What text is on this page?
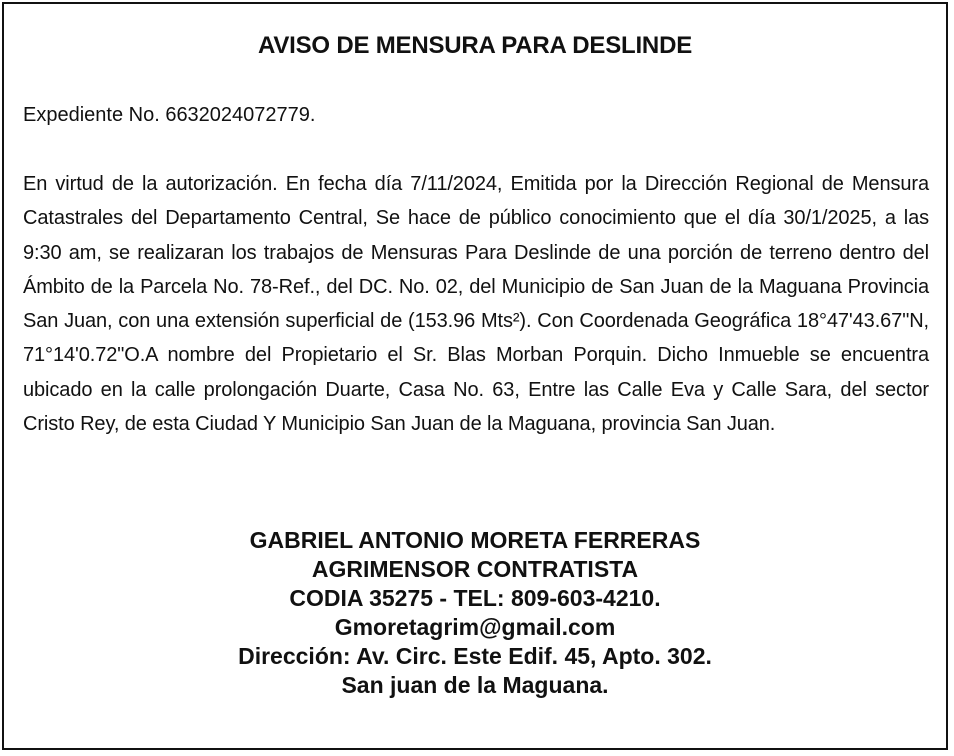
AVISO DE MENSURA PARA DESLINDE
Expediente No. 6632024072779.
En virtud de la autorización. En fecha día 7/11/2024, Emitida por la Dirección Regional de Mensura Catastrales del Departamento Central, Se hace de público conocimiento que el día 30/1/2025, a las 9:30 am, se realizaran los trabajos de Mensuras Para Deslinde de una porción de terreno dentro del Ámbito de la Parcela No. 78-Ref., del DC. No. 02, del Municipio de San Juan de la Maguana Provincia San Juan, con una extensión superficial de (153.96 Mts²). Con Coordenada Geográfica 18°47'43.67"N, 71°14'0.72"O.A nombre del Propietario el Sr. Blas Morban Porquin. Dicho Inmueble se encuentra ubicado en la calle prolongación Duarte, Casa No. 63, Entre las Calle Eva y Calle Sara, del sector Cristo Rey, de esta Ciudad Y Municipio San Juan de la Maguana, provincia San Juan.
GABRIEL ANTONIO MORETA FERRERAS
AGRIMENSOR CONTRATISTA
CODIA 35275 - TEL: 809-603-4210.
Gmoretagrim@gmail.com
Dirección: Av. Circ. Este Edif. 45, Apto. 302.
San juan de la Maguana.
